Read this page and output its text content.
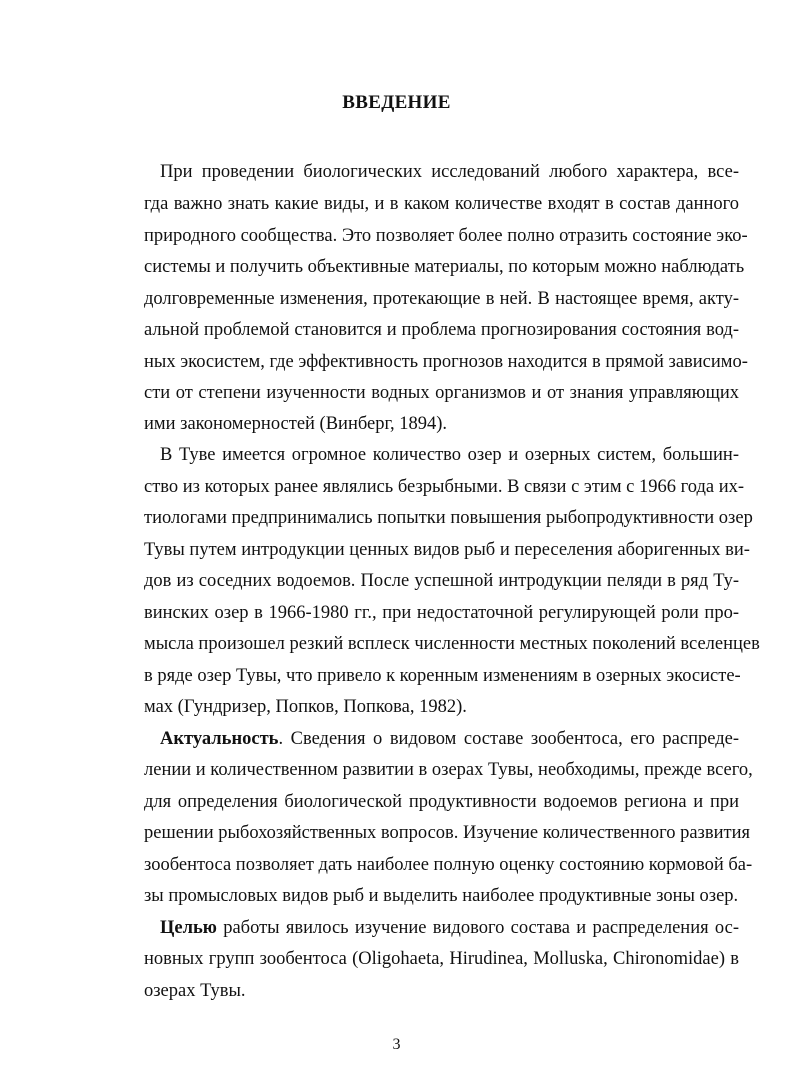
ВВЕДЕНИЕ
При проведении биологических исследований любого характера, все-
гда важно знать какие виды, и в каком количестве входят в состав данного
природного сообщества. Это позволяет более полно отразить состояние эко-
системы и получить объективные материалы, по которым можно наблюдать
долговременные изменения, протекающие в ней. В настоящее время, акту-
альной проблемой становится и проблема прогнозирования состояния вод-
ных экосистем, где эффективность прогнозов находится в прямой зависимо-
сти от степени изученности водных организмов и от знания управляющих
ими закономерностей (Винберг, 1894).
В Туве имеется огромное количество озер и озерных систем, большин-
ство из которых ранее являлись безрыбными. В связи с этим с 1966 года их-
тиологами предпринимались попытки повышения рыбопродуктивности озер
Тувы путем интродукции ценных видов рыб и переселения аборигенных ви-
дов из соседних водоемов. После успешной интродукции пеляди в ряд Ту-
винских озер в 1966-1980 гг., при недостаточной регулирующей роли про-
мысла произошел резкий всплеск численности местных поколений вселенцев
в ряде озер Тувы, что привело к коренным изменениям в озерных экосисте-
мах (Гундризер, Попков, Попкова, 1982).
Актуальность. Сведения о видовом составе зообентоса, его распреде-
лении и количественном развитии в озерах Тувы, необходимы, прежде всего,
для определения биологической продуктивности водоемов региона и при
решении рыбохозяйственных вопросов. Изучение количественного развития
зообентоса позволяет дать наиболее полную оценку состоянию кормовой ба-
зы промысловых видов рыб и выделить наиболее продуктивные зоны озер.
Целью работы явилось изучение видового состава и распределения ос-
новных групп зообентоса (Oligohaeta, Hirudinea, Molluska, Chironomidae) в
озерах Тувы.
3
